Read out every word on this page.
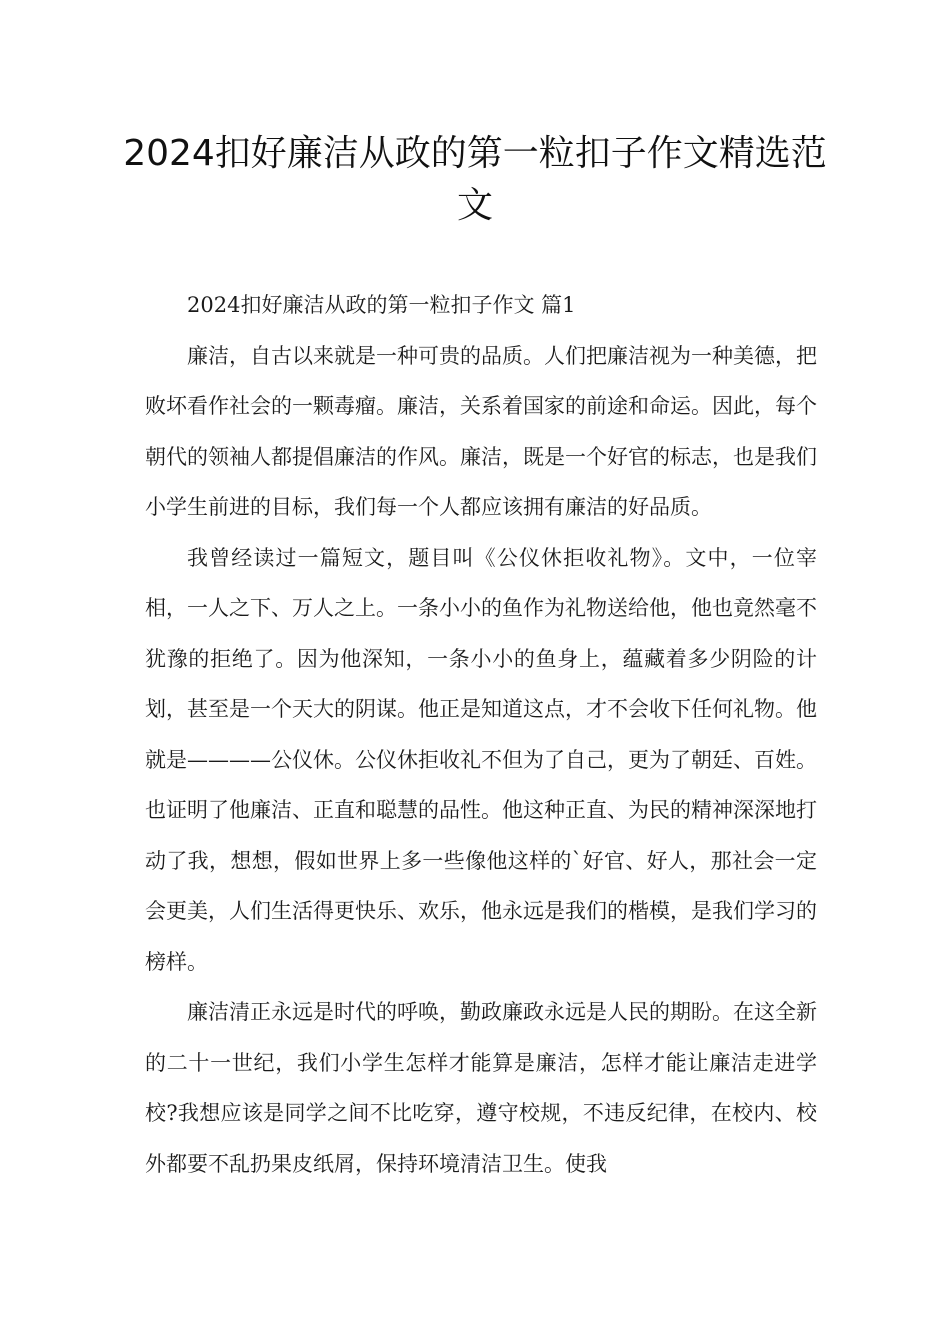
2024扣好廉洁从政的第一粒扣子作文精选范文

2024扣好廉洁从政的第一粒扣子作文 篇1

廉洁，自古以来就是一种可贵的品质。人们把廉洁视为一种美德，把败坏看作社会的一颗毒瘤。廉洁，关系着国家的前途和命运。因此，每个朝代的领袖人都提倡廉洁的作风。廉洁，既是一个好官的标志，也是我们小学生前进的目标，我们每一个人都应该拥有廉洁的好品质。

我曾经读过一篇短文，题目叫《公仪休拒收礼物》。文中，一位宰相，一人之下、万人之上。一条小小的鱼作为礼物送给他，他也竟然毫不犹豫的拒绝了。因为他深知，一条小小的鱼身上，蕴藏着多少阴险的计划，甚至是一个天大的阴谋。他正是知道这点，才不会收下任何礼物。他就是————公仪休。公仪休拒收礼不但为了自己，更为了朝廷、百姓。也证明了他廉洁、正直和聪慧的品性。他这种正直、为民的精神深深地打动了我，想想，假如世界上多一些像他这样的`好官、好人，那社会一定会更美，人们生活得更快乐、欢乐，他永远是我们的楷模，是我们学习的榜样。

廉洁清正永远是时代的呼唤，勤政廉政永远是人民的期盼。在这全新的二十一世纪，我们小学生怎样才能算是廉洁，怎样才能让廉洁走进学校?我想应该是同学之间不比吃穿，遵守校规，不违反纪律，在校内、校外都要不乱扔果皮纸屑，保持环境清洁卫生。使我
